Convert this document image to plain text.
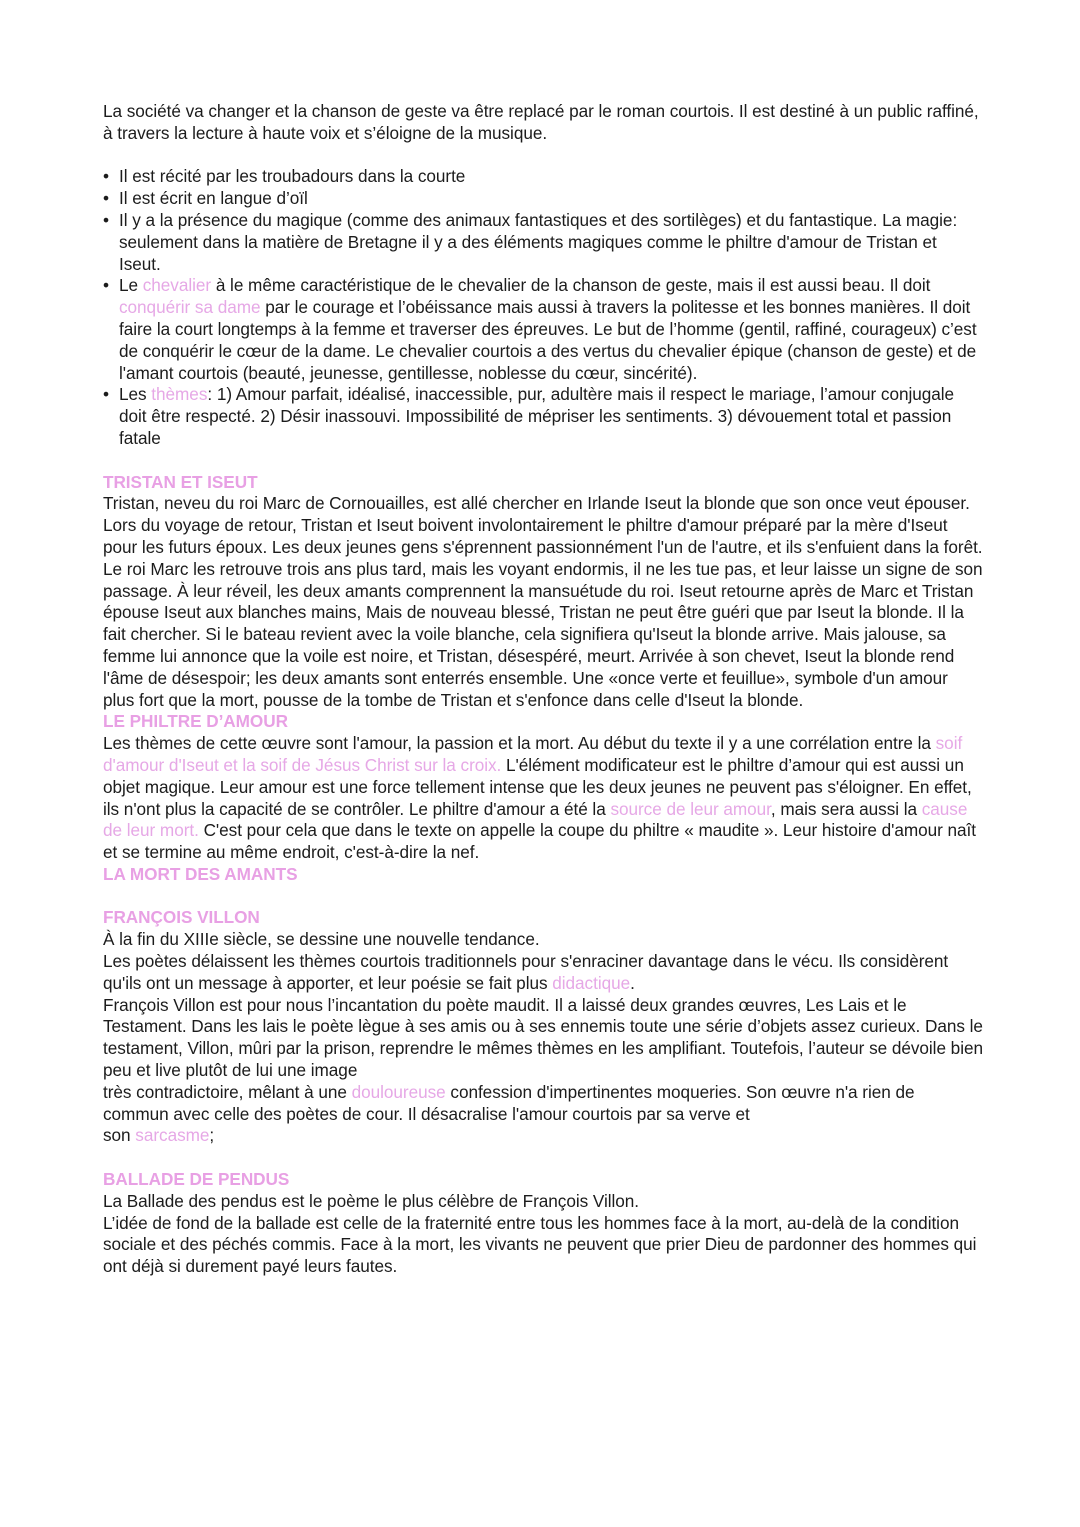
La société va changer et la chanson de geste va être replacé par le roman courtois. Il est destiné à un public raffiné, à travers la lecture à haute voix et s’éloigne de la musique.

• Il est récité par les troubadours dans la courte
• Il est écrit en langue d’oïl
• Il y a la présence du magique (comme des animaux fantastiques et des sortilèges) et du fantastique. La magie: seulement dans la matière de Bretagne il y a des éléments magiques comme le philtre d'amour de Tristan et Iseut.
• Le chevalier à le même caractéristique de le chevalier de la chanson de geste, mais il est aussi beau. Il doit conquérir sa dame par le courage et l’obéissance mais aussi à travers la politesse et les bonnes manières. Il doit faire la court longtemps à la femme et traverser des épreuves. Le but de l’homme (gentil, raffiné, courageux) c’est de conquérir le cœur de la dame. Le chevalier courtois a des vertus du chevalier épique (chanson de geste) et de l'amant courtois (beauté, jeunesse, gentillesse, noblesse du cœur, sincérité).
• Les thèmes: 1) Amour parfait, idéalisé, inaccessible, pur, adultère mais il respect le mariage, l’amour conjugale doit être respecté. 2) Désir inassouvi. Impossibilité de mépriser les sentiments. 3) dévouement total et passion fatale

TRISTAN ET ISEUT

Tristan, neveu du roi Marc de Cornouailles, est allé chercher en Irlande Iseut la blonde que son once veut épouser. Lors du voyage de retour, Tristan et Iseut boivent involontairement le philtre d'amour préparé par la mère d'Iseut pour les futurs époux. Les deux jeunes gens s'éprennent passionnément l'un de l'autre, et ils s'enfuient dans la forêt. Le roi Marc les retrouve trois ans plus tard, mais les voyant endormis, il ne les tue pas, et leur laisse un signe de son passage. À leur réveil, les deux amants comprennent la mansuétude du roi. Iseut retourne après de Marc et Tristan épouse Iseut aux blanches mains, Mais de nouveau blessé, Tristan ne peut être guéri que par Iseut la blonde. Il la fait chercher. Si le bateau revient avec la voile blanche, cela signifiera qu'Iseut la blonde arrive. Mais jalouse, sa femme lui annonce que la voile est noire, et Tristan, désespéré, meurt. Arrivée à son chevet, Iseut la blonde rend l'âme de désespoir; les deux amants sont enterrés ensemble. Une «once verte et feuillue», symbole d'un amour plus fort que la mort, pousse de la tombe de Tristan et s'enfonce dans celle d'Iseut la blonde.

LE PHILTRE D’AMOUR

Les thèmes de cette œuvre sont l'amour, la passion et la mort. Au début du texte il y a une corrélation entre la soif d'amour d'Iseut et la soif de Jésus Christ sur la croix. L'élément modificateur est le philtre d’amour qui est aussi un objet magique. Leur amour est une force tellement intense que les deux jeunes ne peuvent pas s'éloigner. En effet, ils n'ont plus la capacité de se contrôler. Le philtre d'amour a été la source de leur amour, mais sera aussi la cause de leur mort. C'est pour cela que dans le texte on appelle la coupe du philtre « maudite ». Leur histoire d'amour naît et se termine au même endroit, c'est-à-dire la nef.

LA MORT DES AMANTS

FRANÇOIS VILLON

À la fin du XIIIe siècle, se dessine une nouvelle tendance.

Les poètes délaissent les thèmes courtois traditionnels pour s'enraciner davantage dans le vécu. Ils considèrent qu'ils ont un message à apporter, et leur poésie se fait plus didactique.

François Villon est pour nous l’incantation du poète maudit. Il a laissé deux grandes œuvres, Les Lais et le Testament. Dans les lais le poète lègue à ses amis ou à ses ennemis toute une série d’objets assez curieux. Dans le testament, Villon, mûri par la prison, reprendre le mêmes thèmes en les amplifiant. Toutefois, l’auteur se dévoile bien peu et live plutôt de lui une image
très contradictoire, mêlant à une douloureuse confession d'impertinentes moqueries. Son œuvre n'a rien de commun avec celle des poètes de cour. Il désacralise l'amour courtois par sa verve et
son sarcasme;

BALLADE DE PENDUS

La Ballade des pendus est le poème le plus célèbre de François Villon.

L’idée de fond de la ballade est celle de la fraternité entre tous les hommes face à la mort, au-delà de la condition sociale et des péchés commis. Face à la mort, les vivants ne peuvent que prier Dieu de pardonner des hommes qui ont déjà si durement payé leurs fautes.
